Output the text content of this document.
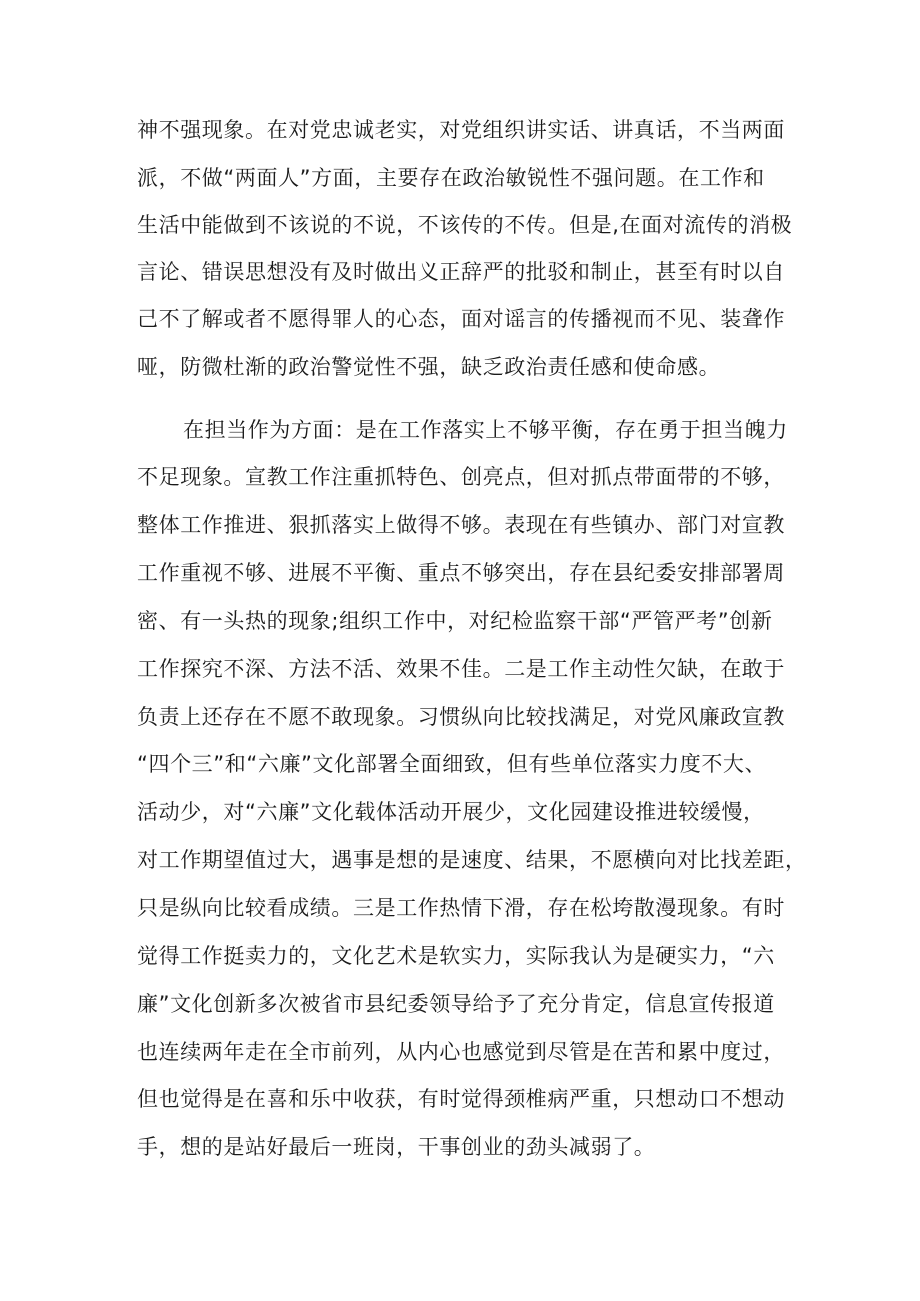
神不强现象。在对党忠诚老实，对党组织讲实话、讲真话，不当两面
派，不做“两面人”方面，主要存在政治敏锐性不强问题。在工作和
生活中能做到不该说的不说，不该传的不传。但是,在面对流传的消极
言论、错误思想没有及时做出义正辞严的批驳和制止，甚至有时以自
己不了解或者不愿得罪人的心态，面对谣言的传播视而不见、装聋作
哑，防微杜渐的政治警觉性不强，缺乏政治责任感和使命感。
在担当作为方面：是在工作落实上不够平衡，存在勇于担当魄力
不足现象。宣教工作注重抓特色、创亮点，但对抓点带面带的不够，
整体工作推进、狠抓落实上做得不够。表现在有些镇办、部门对宣教
工作重视不够、进展不平衡、重点不够突出，存在县纪委安排部署周
密、有一头热的现象;组织工作中，对纪检监察干部“严管严考”创新
工作探究不深、方法不活、效果不佳。二是工作主动性欠缺，在敢于
负责上还存在不愿不敢现象。习惯纵向比较找满足，对党风廉政宣教
“四个三”和“六廉”文化部署全面细致，但有些单位落实力度不大、
活动少，对“六廉”文化载体活动开展少，文化园建设推进较缓慢，
对工作期望值过大，遇事是想的是速度、结果，不愿横向对比找差距，
只是纵向比较看成绩。三是工作热情下滑，存在松垮散漫现象。有时
觉得工作挺卖力的，文化艺术是软实力，实际我认为是硬实力，“六
廉”文化创新多次被省市县纪委领导给予了充分肯定，信息宣传报道
也连续两年走在全市前列，从内心也感觉到尽管是在苦和累中度过，
但也觉得是在喜和乐中收获，有时觉得颈椎病严重，只想动口不想动
手，想的是站好最后一班岗，干事创业的劲头减弱了。
